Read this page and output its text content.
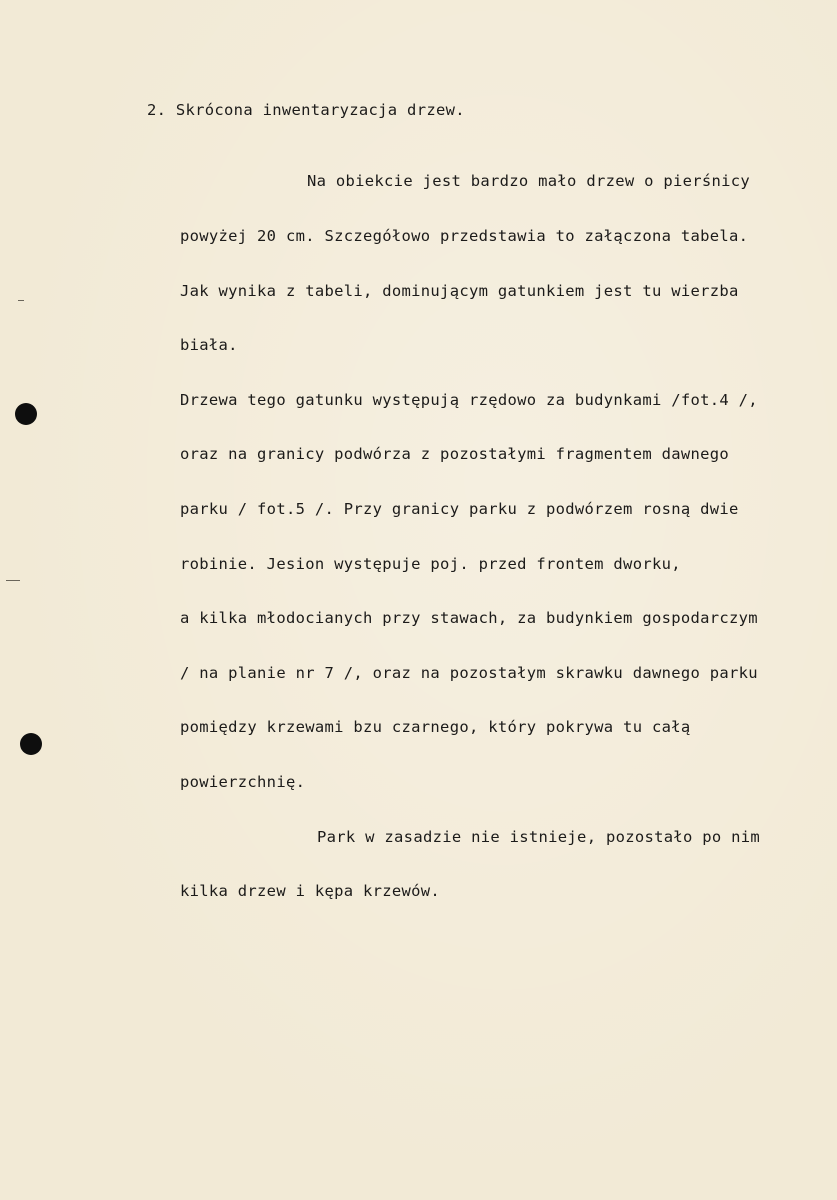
2. Skrócona inwentaryzacja drzew.

Na obiekcie jest bardzo mało drzew o pierśnicy

powyżej 20 cm. Szczegółowo przedstawia to załączona tabela.

Jak wynika z tabeli, dominującym gatunkiem jest tu wierzba

biała.

Drzewa tego gatunku występują rzędowo za budynkami /fot.4 /,

oraz na granicy podwórza z pozostałymi fragmentem dawnego

parku / fot.5 /. Przy granicy parku z podwórzem rosną dwie

robinie. Jesion występuje poj. przed frontem dworku,

a kilka młodocianych przy stawach, za budynkiem gospodarczym

/ na planie nr 7 /, oraz na pozostałym skrawku dawnego parku

pomiędzy krzewami bzu czarnego, który pokrywa tu całą

powierzchnię.

Park w zasadzie nie istnieje, pozostało po nim

kilka drzew i kępa krzewów.
